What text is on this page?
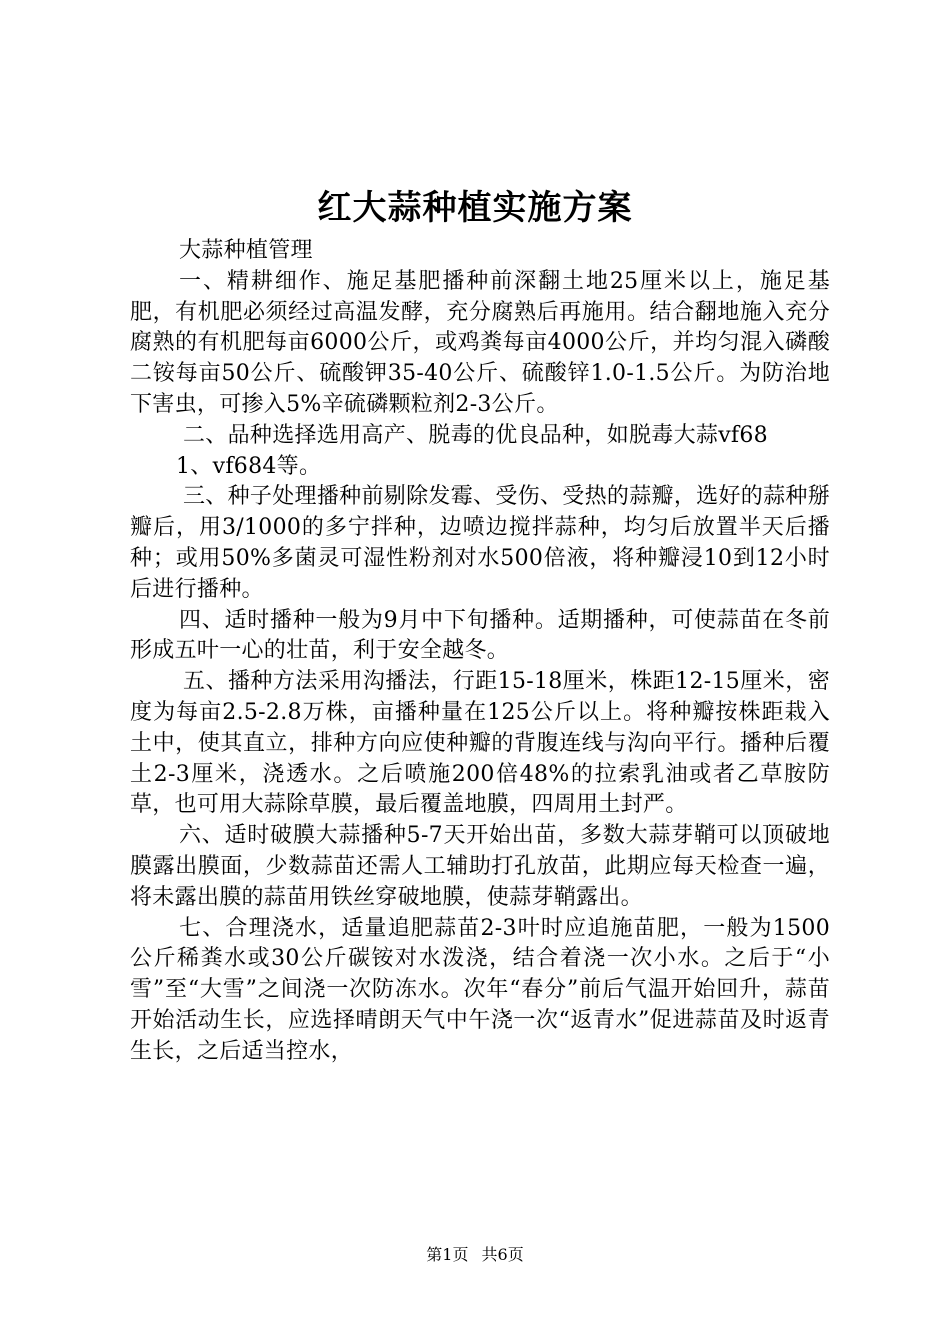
红大蒜种植实施方案

大蒜种植管理

一、精耕细作、施足基肥播种前深翻土地25厘米以上，施足基肥，有机肥必须经过高温发酵，充分腐熟后再施用。结合翻地施入充分腐熟的有机肥每亩6000公斤，或鸡粪每亩4000公斤，并均匀混入磷酸二铵每亩50公斤、硫酸钾35-40公斤、硫酸锌1.0-1.5公斤。为防治地下害虫，可掺入5%辛硫磷颗粒剂2-3公斤。

二、品种选择选用高产、脱毒的优良品种，如脱毒大蒜vf68

1、vf684等。

三、种子处理播种前剔除发霉、受伤、受热的蒜瓣，选好的蒜种掰瓣后，用3/1000的多宁拌种，边喷边搅拌蒜种，均匀后放置半天后播种；或用50%多菌灵可湿性粉剂对水500倍液，将种瓣浸10到12小时后进行播种。

四、适时播种一般为9月中下旬播种。适期播种，可使蒜苗在冬前形成五叶一心的壮苗，利于安全越冬。

五、播种方法采用沟播法，行距15-18厘米，株距12-15厘米，密度为每亩2.5-2.8万株，亩播种量在125公斤以上。将种瓣按株距栽入土中，使其直立，排种方向应使种瓣的背腹连线与沟向平行。播种后覆土2-3厘米，浇透水。之后喷施200倍48%的拉索乳油或者乙草胺防草，也可用大蒜除草膜，最后覆盖地膜，四周用土封严。

六、适时破膜大蒜播种5-7天开始出苗，多数大蒜芽鞘可以顶破地膜露出膜面，少数蒜苗还需人工辅助打孔放苗，此期应每天检查一遍，将未露出膜的蒜苗用铁丝穿破地膜，使蒜芽鞘露出。

七、合理浇水，适量追肥蒜苗2-3叶时应追施苗肥，一般为1500公斤稀粪水或30公斤碳铵对水泼浇，结合着浇一次小水。之后于“小雪”至“大雪”之间浇一次防冻水。次年“春分”前后气温开始回升，蒜苗开始活动生长，应选择晴朗天气中午浇一次“返青水”促进蒜苗及时返青生长，之后适当控水，

第1页 共6页
